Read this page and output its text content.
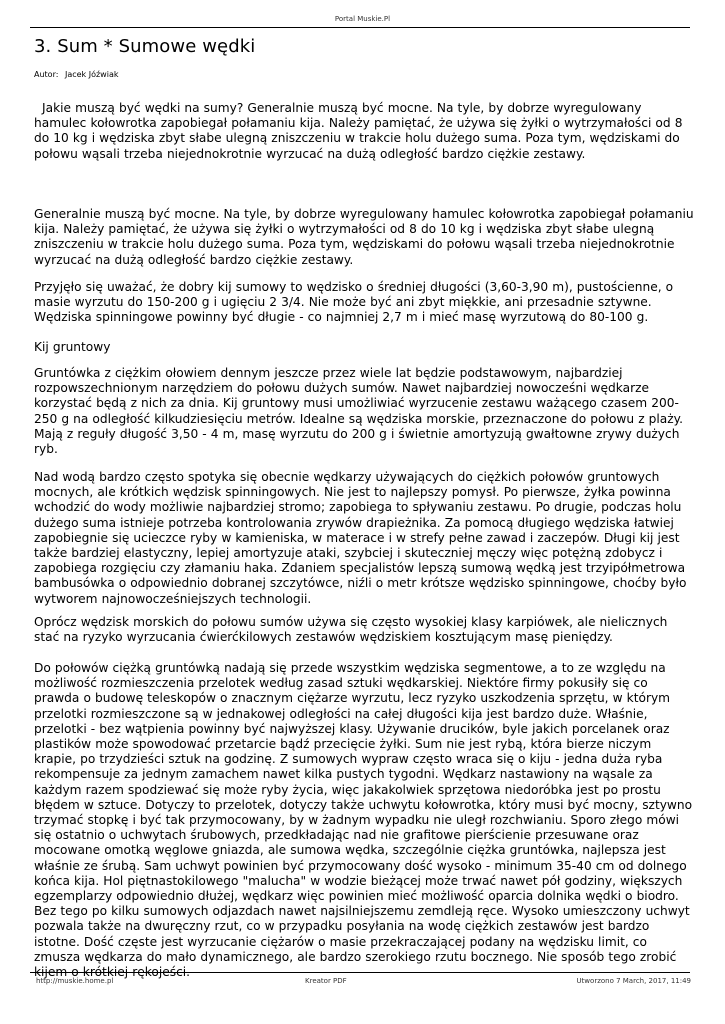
Portal Muskie.Pl
3. Sum * Sumowe wędki
Autor: Jacek Jóźwiak

Jakie muszą być wędki na sumy? Generalnie muszą być mocne. Na tyle, by dobrze wyregulowany hamulec kołowrotka zapobiegał połamaniu kija. Należy pamiętać, że używa się żyłki o wytrzymałości od 8 do 10 kg i wędziska zbyt słabe ulegną zniszczeniu w trakcie holu dużego suma. Poza tym, wędziskami do połowu wąsali trzeba niejednokrotnie wyrzucać na dużą odległość bardzo ciężkie zestawy.

Generalnie muszą być mocne. Na tyle, by dobrze wyregulowany hamulec kołowrotka zapobiegał połamaniu kija. Należy pamiętać, że używa się żyłki o wytrzymałości od 8 do 10 kg i wędziska zbyt słabe ulegną zniszczeniu w trakcie holu dużego suma. Poza tym, wędziskami do połowu wąsali trzeba niejednokrotnie wyrzucać na dużą odległość bardzo ciężkie zestawy.

Przyjęło się uważać, że dobry kij sumowy to wędzisko o średniej długości (3,60-3,90 m), pustościenne, o masie wyrzutu do 150-200 g i ugięciu 2 3/4. Nie może być ani zbyt miękkie, ani przesadnie sztywne. Wędziska spinningowe powinny być długie - co najmniej 2,7 m i mieć masę wyrzutową do 80-100 g.

Kij gruntowy

Gruntówka z ciężkim ołowiem dennym jeszcze przez wiele lat będzie podstawowym, najbardziej rozpowszechnionym narzędziem do połowu dużych sumów. Nawet najbardziej nowocześni wędkarze korzystać będą z nich za dnia. Kij gruntowy musi umożliwiać wyrzucenie zestawu ważącego czasem 200-250 g na odległość kilkudziesięciu metrów. Idealne są wędziska morskie, przeznaczone do połowu z plaży. Mają z reguły długość 3,50 - 4 m, masę wyrzutu do 200 g i świetnie amortyzują gwałtowne zrywy dużych ryb.

Nad wodą bardzo często spotyka się obecnie wędkarzy używających do ciężkich połowów gruntowych mocnych, ale krótkich wędzisk spinningowych. Nie jest to najlepszy pomysł. Po pierwsze, żyłka powinna wchodzić do wody możliwie najbardziej stromo; zapobiega to spływaniu zestawu. Po drugie, podczas holu dużego suma istnieje potrzeba kontrolowania zrywów drapieżnika. Za pomocą długiego wędziska łatwiej zapobiegnie się ucieczce ryby w kamieniska, w materace i w strefy pełne zawad i zaczepów. Długi kij jest także bardziej elastyczny, lepiej amortyzuje ataki, szybciej i skuteczniej męczy więc potężną zdobycz i zapobiega rozgięciu czy złamaniu haka. Zdaniem specjalistów lepszą sumową wędką jest trzyipółmetrowa bambusówka o odpowiednio dobranej szczytówce, niźli o metr krótsze wędzisko spinningowe, choćby było wytworem najnowocześniejszych technologii.

Oprócz wędzisk morskich do połowu sumów używa się często wysokiej klasy karpiówek, ale nielicznych stać na ryzyko wyrzucania ćwierćkilowych zestawów wędziskiem kosztującym masę pieniędzy.

Do połowów ciężką gruntówką nadają się przede wszystkim wędziska segmentowe, a to ze względu na możliwość rozmieszczenia przelotek według zasad sztuki wędkarskiej. Niektóre firmy pokusiły się co prawda o budowę teleskopów o znacznym ciężarze wyrzutu, lecz ryzyko uszkodzenia sprzętu, w którym przelotki rozmieszczone są w jednakowej odległości na całej długości kija jest bardzo duże. Właśnie, przelotki - bez wątpienia powinny być najwyższej klasy. Używanie drucików, byle jakich porcelanek oraz plastików może spowodować przetarcie bądź przecięcie żyłki. Sum nie jest rybą, która bierze niczym krapie, po trzydzieści sztuk na godzinę. Z sumowych wypraw często wraca się o kiju - jedna duża ryba rekompensuje za jednym zamachem nawet kilka pustych tygodni. Wędkarz nastawiony na wąsale za każdym razem spodziewać się może ryby życia, więc jakakolwiek sprzętowa niedoróbka jest po prostu błędem w sztuce. Dotyczy to przelotek, dotyczy także uchwytu kołowrotka, który musi być mocny, sztywno trzymać stopkę i być tak przymocowany, by w żadnym wypadku nie uległ rozchwianiu. Sporo złego mówi się ostatnio o uchwytach śrubowych, przedkładając nad nie grafitowe pierścienie przesuwane oraz mocowane omotką węglowe gniazda, ale sumowa wędka, szczególnie ciężka gruntówka, najlepsza jest właśnie ze śrubą. Sam uchwyt powinien być przymocowany dość wysoko - minimum 35-40 cm od dolnego końca kija. Hol piętnastokilowego "malucha" w wodzie bieżącej może trwać nawet pół godziny, większych egzemplarzy odpowiednio dłużej, wędkarz więc powinien mieć możliwość oparcia dolnika wędki o biodro. Bez tego po kilku sumowych odjazdach nawet najsilniejszemu zemdleją ręce. Wysoko umieszczony uchwyt pozwala także na dwuręczny rzut, co w przypadku posyłania na wodę ciężkich zestawów jest bardzo istotne. Dość częste jest wyrzucanie ciężarów o masie przekraczającej podany na wędzisku limit, co zmusza wędkarza do mało dynamicznego, ale bardzo szerokiego rzutu bocznego. Nie sposób tego zrobić kijem o krótkiej rękojeści.

http://muskie.home.pl	Kreator PDF	Utworzono 7 March, 2017, 11:49
